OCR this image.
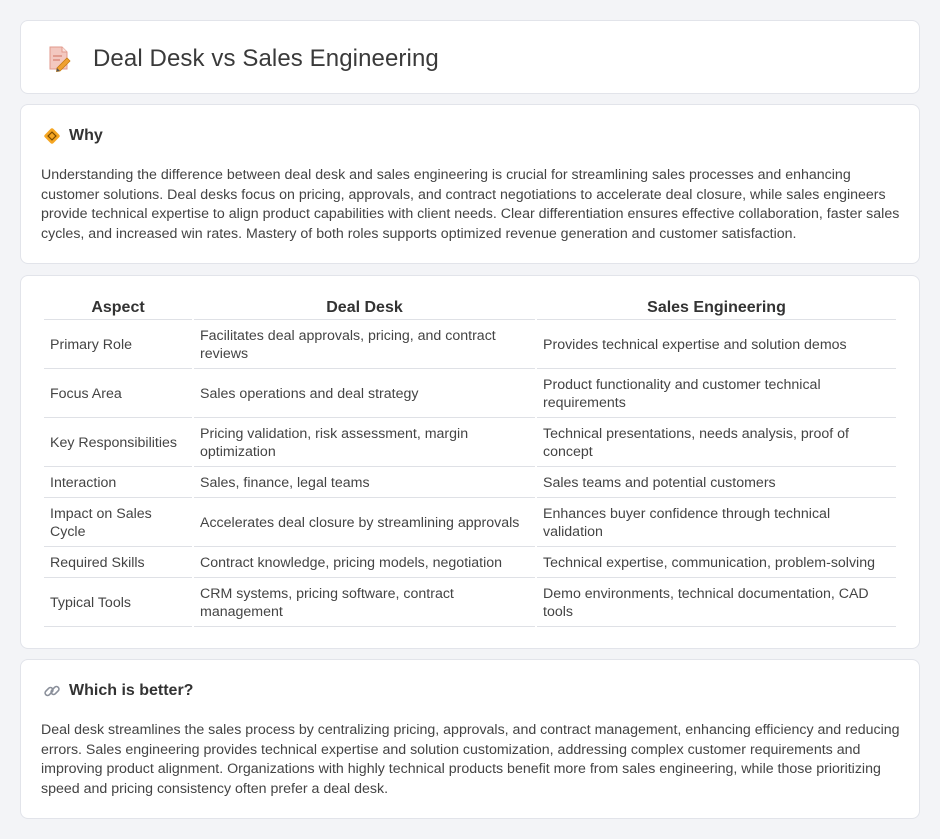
Deal Desk vs Sales Engineering
Why

Understanding the difference between deal desk and sales engineering is crucial for streamlining sales processes and enhancing customer solutions. Deal desks focus on pricing, approvals, and contract negotiations to accelerate deal closure, while sales engineers provide technical expertise to align product capabilities with client needs. Clear differentiation ensures effective collaboration, faster sales cycles, and increased win rates. Mastery of both roles supports optimized revenue generation and customer satisfaction.

Aspect	Deal Desk	Sales Engineering
Primary Role	Facilitates deal approvals, pricing, and contract reviews	Provides technical expertise and solution demos
Focus Area	Sales operations and deal strategy	Product functionality and customer technical requirements
Key Responsibilities	Pricing validation, risk assessment, margin optimization	Technical presentations, needs analysis, proof of concept
Interaction	Sales, finance, legal teams	Sales teams and potential customers
Impact on Sales Cycle	Accelerates deal closure by streamlining approvals	Enhances buyer confidence through technical validation
Required Skills	Contract knowledge, pricing models, negotiation	Technical expertise, communication, problem-solving
Typical Tools	CRM systems, pricing software, contract management	Demo environments, technical documentation, CAD tools
Which is better?

Deal desk streamlines the sales process by centralizing pricing, approvals, and contract management, enhancing efficiency and reducing errors. Sales engineering provides technical expertise and solution customization, addressing complex customer requirements and improving product alignment. Organizations with highly technical products benefit more from sales engineering, while those prioritizing speed and pricing consistency often prefer a deal desk.
